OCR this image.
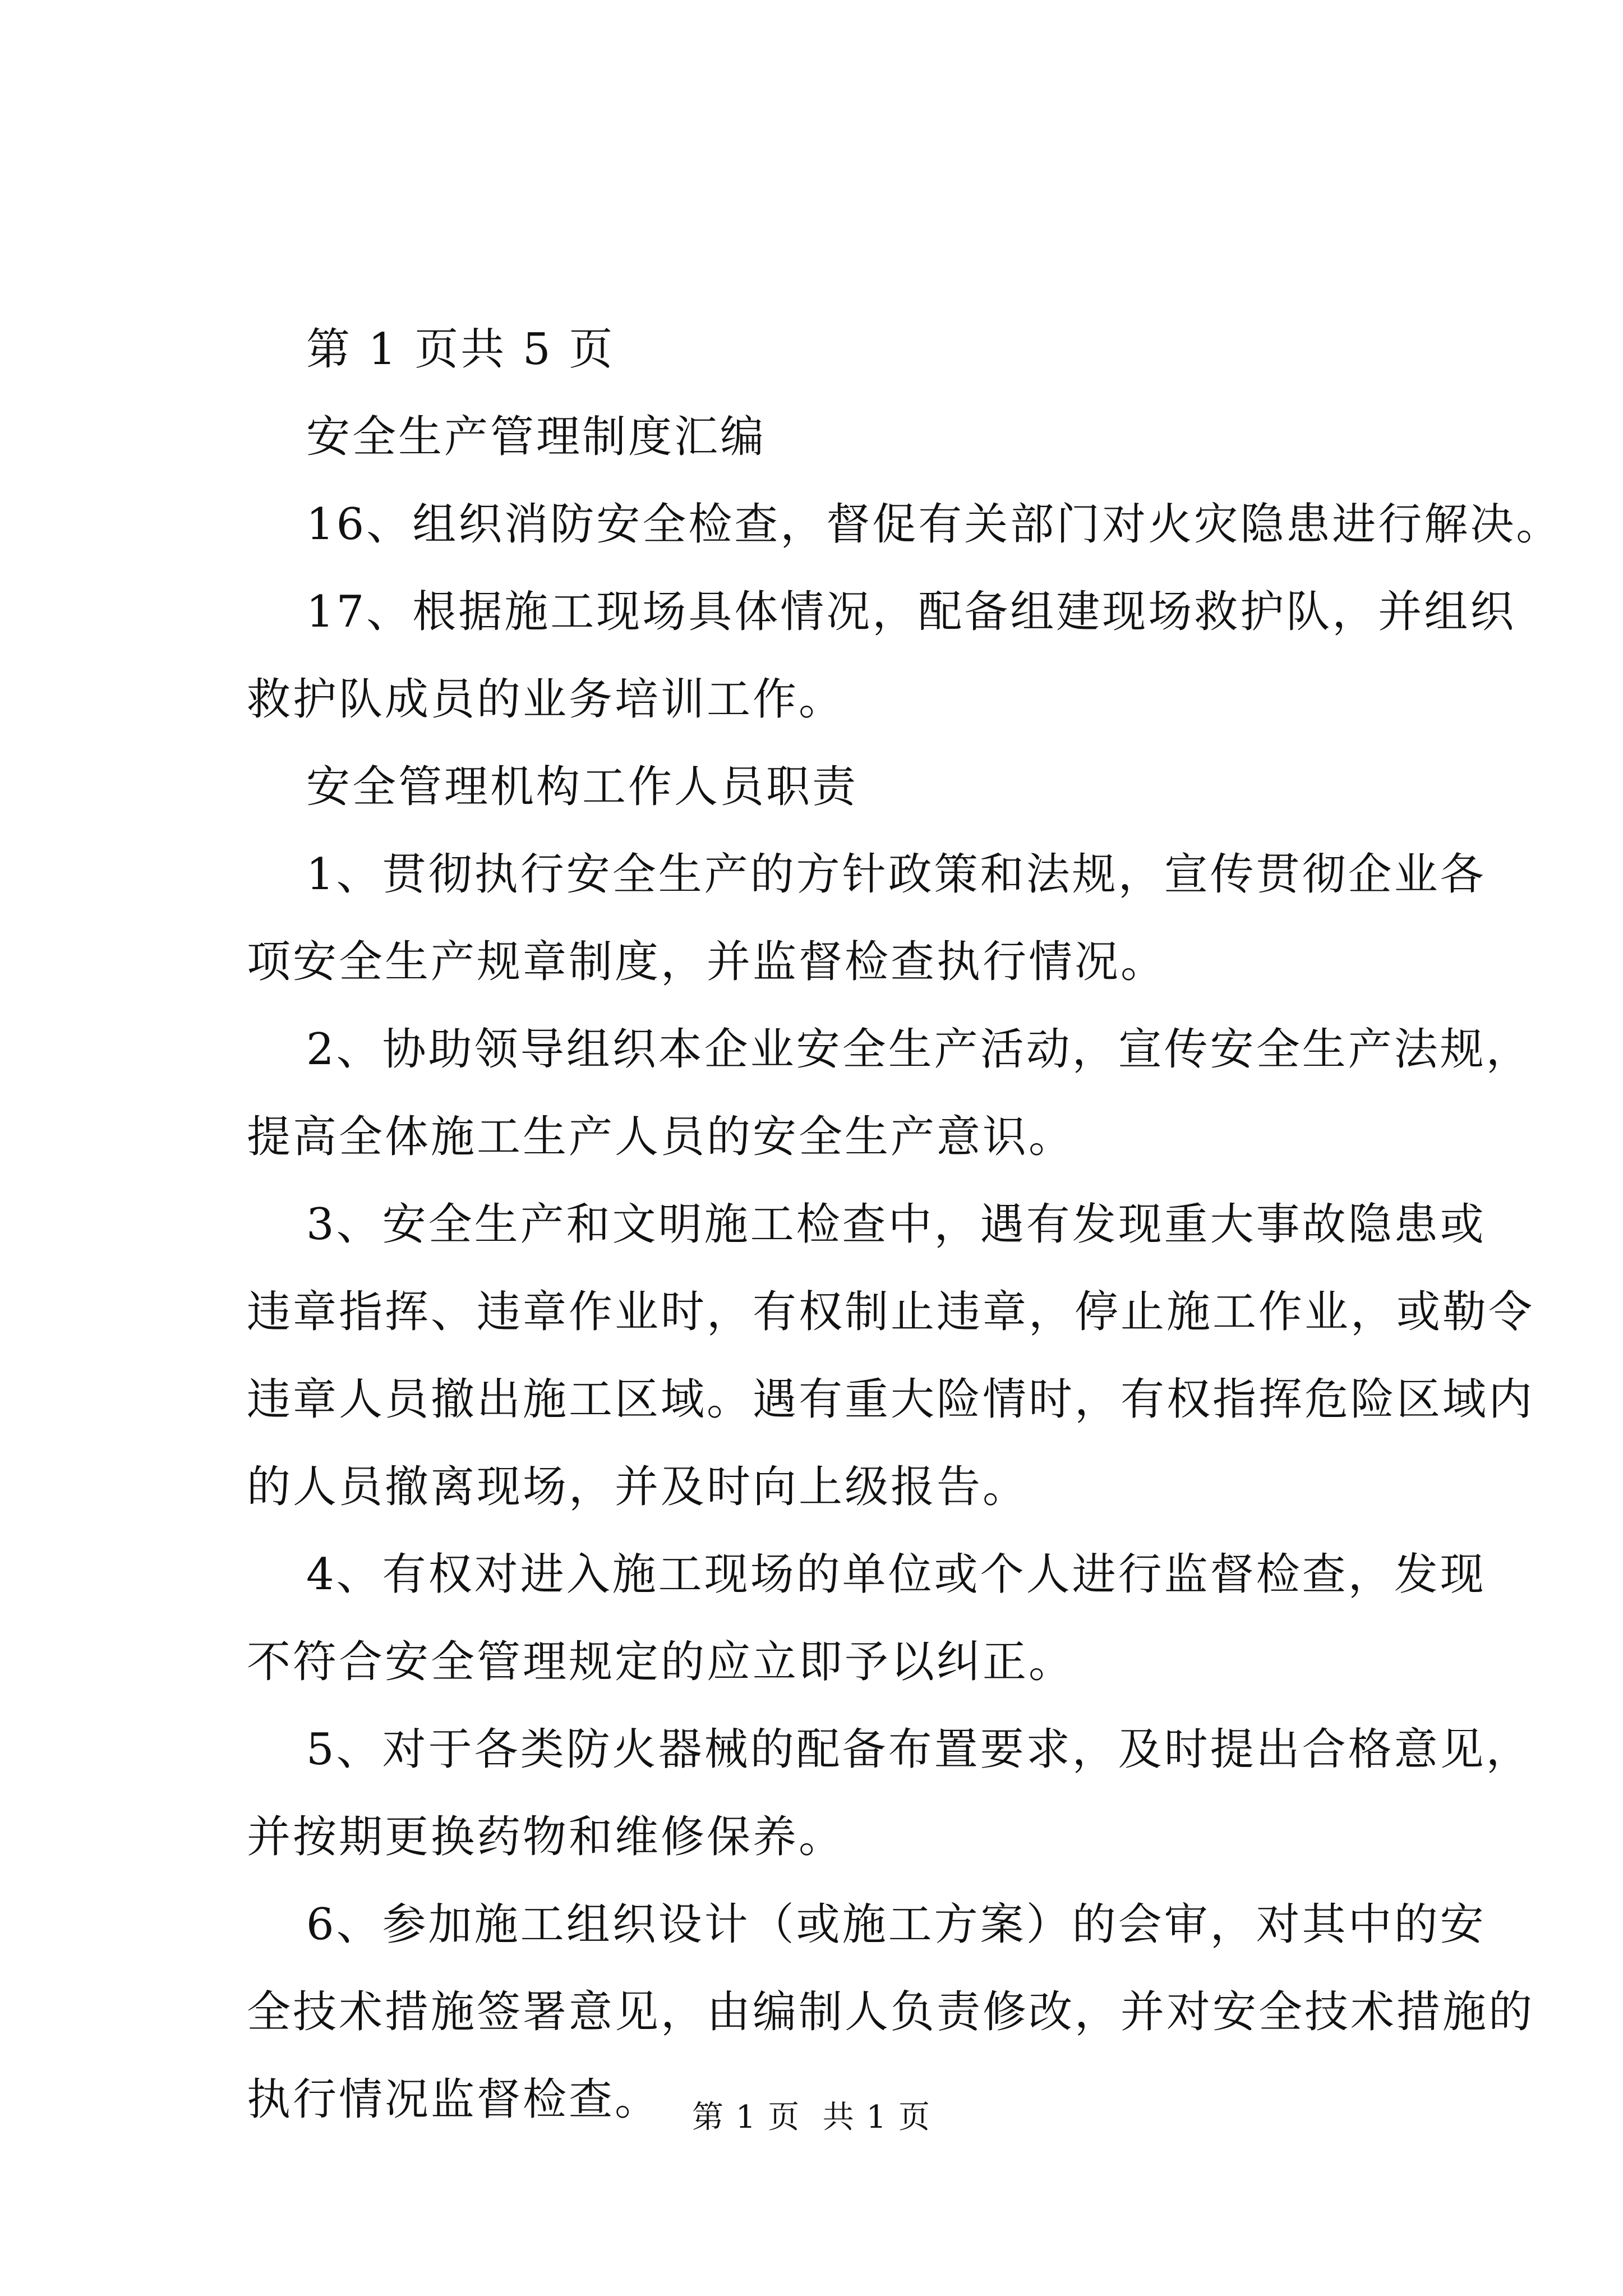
第 1 页共 5 页
安全生产管理制度汇编
16、组织消防安全检查，督促有关部门对火灾隐患进行解决。
17、根据施工现场具体情况，配备组建现场救护队，并组织
救护队成员的业务培训工作。
安全管理机构工作人员职责
1、贯彻执行安全生产的方针政策和法规，宣传贯彻企业各
项安全生产规章制度，并监督检查执行情况。
2、协助领导组织本企业安全生产活动，宣传安全生产法规，
提高全体施工生产人员的安全生产意识。
3、安全生产和文明施工检查中，遇有发现重大事故隐患或
违章指挥、违章作业时，有权制止违章，停止施工作业，或勒令
违章人员撤出施工区域。遇有重大险情时，有权指挥危险区域内
的人员撤离现场，并及时向上级报告。
4、有权对进入施工现场的单位或个人进行监督检查，发现
不符合安全管理规定的应立即予以纠正。
5、对于各类防火器械的配备布置要求，及时提出合格意见，
并按期更换药物和维修保养。
6、参加施工组织设计（或施工方案）的会审，对其中的安
全技术措施签署意见，由编制人负责修改，并对安全技术措施的
执行情况监督检查。 第 1 页  共 1 页
